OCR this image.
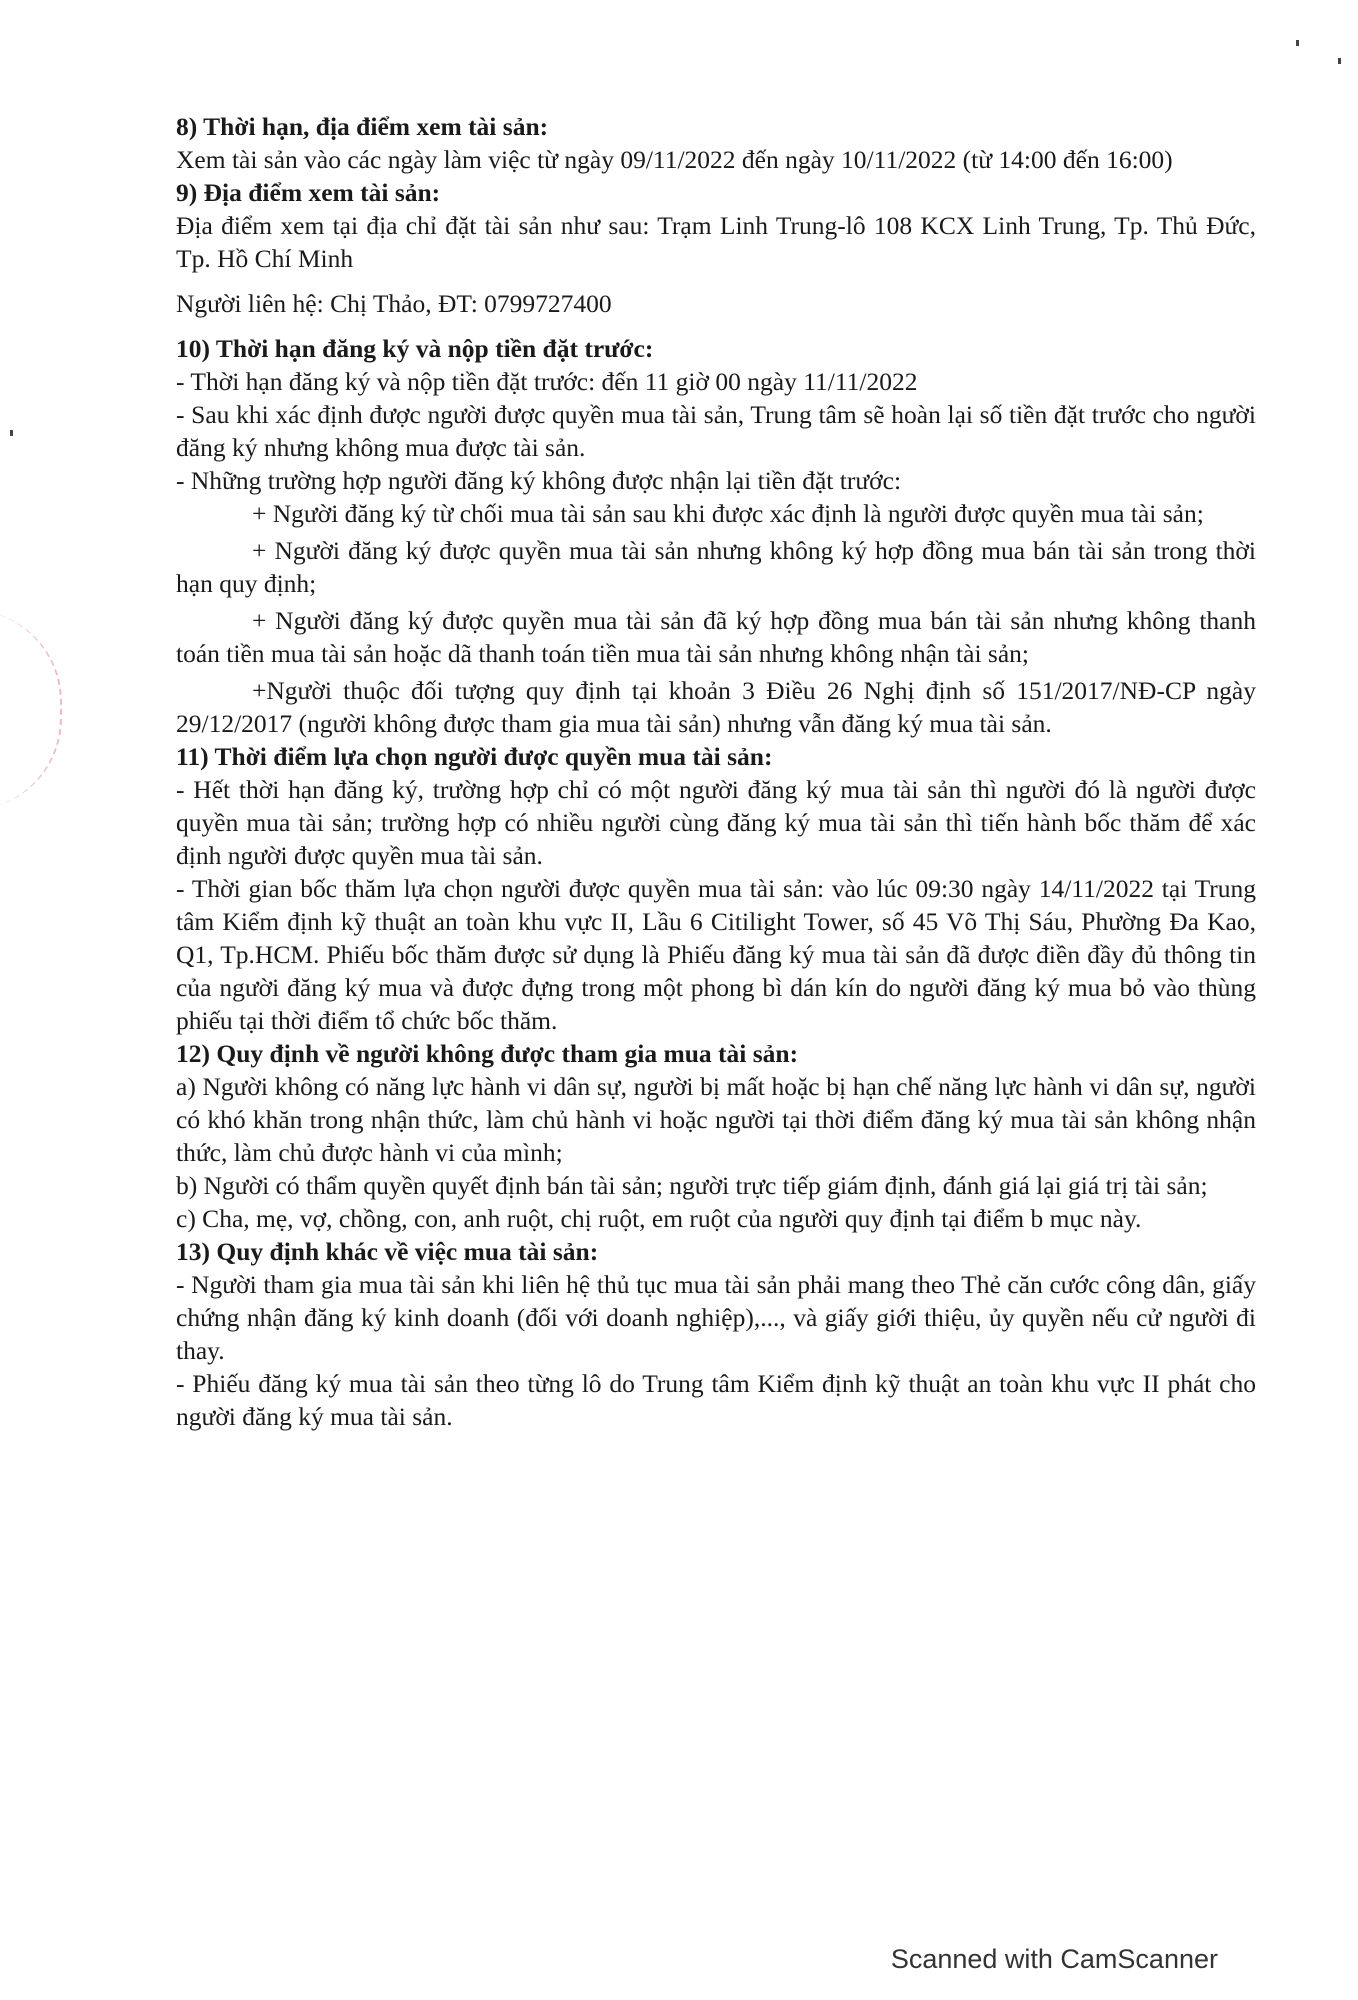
8) Thời hạn, địa điểm xem tài sản:

Xem tài sản vào các ngày làm việc từ ngày 09/11/2022 đến ngày 10/11/2022 (từ 14:00 đến 16:00)

9) Địa điểm xem tài sản:

Địa điểm xem tại địa chỉ đặt tài sản như sau: Trạm Linh Trung-lô 108 KCX Linh Trung, Tp. Thủ Đức, Tp. Hồ Chí Minh

Người liên hệ: Chị Thảo, ĐT: 0799727400

10) Thời hạn đăng ký và nộp tiền đặt trước:

- Thời hạn đăng ký và nộp tiền đặt trước: đến 11 giờ 00 ngày 11/11/2022

- Sau khi xác định được người được quyền mua tài sản, Trung tâm sẽ hoàn lại số tiền đặt trước cho người đăng ký nhưng không mua được tài sản.

- Những trường hợp người đăng ký không được nhận lại tiền đặt trước:

+ Người đăng ký từ chối mua tài sản sau khi được xác định là người được quyền mua tài sản;

+ Người đăng ký được quyền mua tài sản nhưng không ký hợp đồng mua bán tài sản trong thời hạn quy định;

+ Người đăng ký được quyền mua tài sản đã ký hợp đồng mua bán tài sản nhưng không thanh toán tiền mua tài sản hoặc dã thanh toán tiền mua tài sản nhưng không nhận tài sản;

+Người thuộc đối tượng quy định tại khoản 3 Điều 26 Nghị định số 151/2017/NĐ-CP ngày 29/12/2017 (người không được tham gia mua tài sản) nhưng vẫn đăng ký mua tài sản.

11) Thời điểm lựa chọn người được quyền mua tài sản:

- Hết thời hạn đăng ký, trường hợp chỉ có một người đăng ký mua tài sản thì người đó là người được quyền mua tài sản; trường hợp có nhiều người cùng đăng ký mua tài sản thì tiến hành bốc thăm để xác định người được quyền mua tài sản.

- Thời gian bốc thăm lựa chọn người được quyền mua tài sản: vào lúc 09:30 ngày 14/11/2022 tại Trung tâm Kiểm định kỹ thuật an toàn khu vực II, Lầu 6 Citilight Tower, số 45 Võ Thị Sáu, Phường Đa Kao, Q1, Tp.HCM. Phiếu bốc thăm được sử dụng là Phiếu đăng ký mua tài sản đã được điền đầy đủ thông tin của người đăng ký mua và được đựng trong một phong bì dán kín do người đăng ký mua bỏ vào thùng phiếu tại thời điểm tổ chức bốc thăm.

12) Quy định về người không được tham gia mua tài sản:

a) Người không có năng lực hành vi dân sự, người bị mất hoặc bị hạn chế năng lực hành vi dân sự, người có khó khăn trong nhận thức, làm chủ hành vi hoặc người tại thời điểm đăng ký mua tài sản không nhận thức, làm chủ được hành vi của mình;

b) Người có thẩm quyền quyết định bán tài sản; người trực tiếp giám định, đánh giá lại giá trị tài sản;

c) Cha, mẹ, vợ, chồng, con, anh ruột, chị ruột, em ruột của người quy định tại điểm b mục này.

13) Quy định khác về việc mua tài sản:

- Người tham gia mua tài sản khi liên hệ thủ tục mua tài sản phải mang theo Thẻ căn cước công dân, giấy chứng nhận đăng ký kinh doanh (đối với doanh nghiệp),..., và giấy giới thiệu, ủy quyền nếu cử người đi thay.

- Phiếu đăng ký mua tài sản theo từng lô do Trung tâm Kiểm định kỹ thuật an toàn khu vực II phát cho người đăng ký mua tài sản.

Scanned with CamScanner
